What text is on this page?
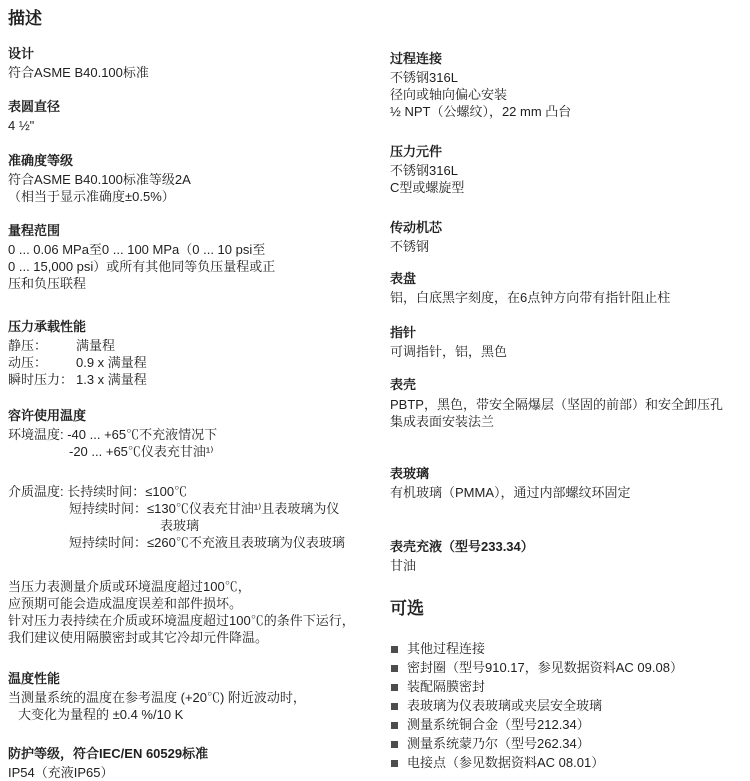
描述
设计
符合ASME B40.100标准
表圆直径
4 ½"
准确度等级
符合ASME B40.100标准等级2A
（相当于显示准确度±0.5%）
量程范围
0 ... 0.06 MPa至0 ... 100 MPa（0 ... 10 psi至
0 ... 15,000 psi）或所有其他同等负压量程或正
压和负压联程
压力承载性能
静压：	满量程
动压：	0.9 x 满量程
瞬时压力： 1.3 x 满量程
容许使用温度
环境温度: -40 ... +65℃不充液情况下
-20 ... +65℃仪表充甘油¹⁾
介质温度: 长持续时间：≤100℃
短持续时间：≤130℃仪表充甘油¹⁾且表玻璃为仪
表玻璃
短持续时间：≤260℃不充液且表玻璃为仪表玻璃
当压力表测量介质或环境温度超过100℃，
应预期可能会造成温度误差和部件损坏。
针对压力表持续在介质或环境温度超过100℃的条件下运行，
我们建议使用隔膜密封或其它冷却元件降温。
温度性能
当测量系统的温度在参考温度 (+20℃) 附近波动时，
大变化为量程的 ±0.4 %/10 K
防护等级，符合IEC/EN 60529标准
IP54（充液IP65）
过程连接
不锈钢316L
径向或轴向偏心安装
½ NPT（公螺纹），22 mm 凸台
压力元件
不锈钢316L
C型或螺旋型
传动机芯
不锈钢
表盘
铝，白底黑字刻度，在6点钟方向带有指针阻止柱
指针
可调指针，铝，黑色
表壳
PBTP，黑色，带安全隔爆层（坚固的前部）和安全卸压孔
集成表面安装法兰
表玻璃
有机玻璃（PMMA），通过内部螺纹环固定
表壳充液（型号233.34）
甘油
可选
其他过程连接
密封圈（型号910.17，参见数据资料AC 09.08）
装配隔膜密封
表玻璃为仪表玻璃或夹层安全玻璃
测量系统铜合金（型号212.34）
测量系统蒙乃尔（型号262.34）
电接点（参见数据资料AC 08.01）
